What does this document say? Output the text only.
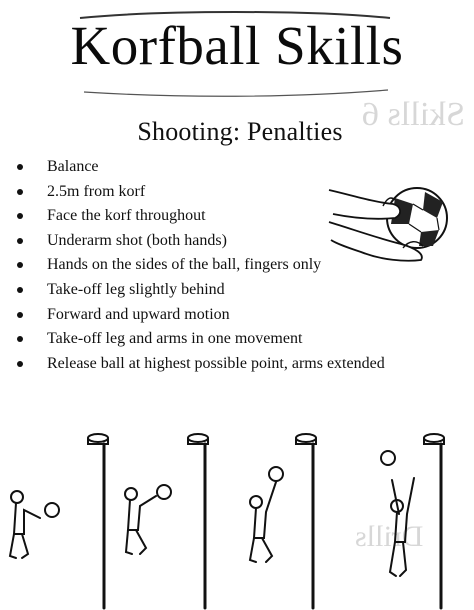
Skills 6
Drills
Korfball Skills
Shooting: Penalties
Balance
2.5m from korf
Face the korf throughout
Underarm shot (both hands)
Hands on the sides of the ball, fingers only
Take-off leg slightly behind
Forward and upward motion
Take-off leg and arms in one movement
Release ball at highest possible point, arms extended
